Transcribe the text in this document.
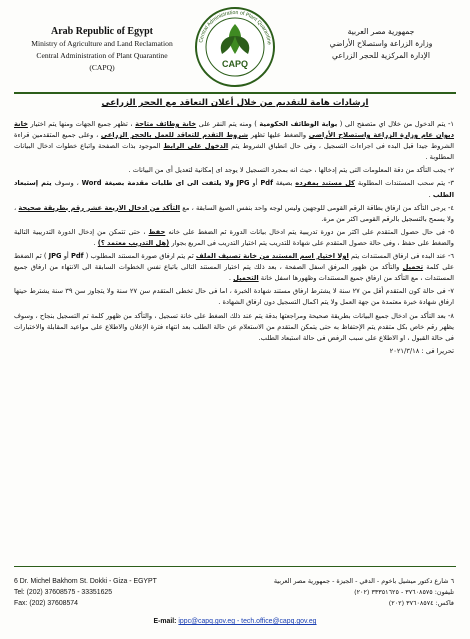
Arab Republic of Egypt
Ministry of Agriculture and Land Reclamation
Central Administration of Plant Quarantine
(CAPQ)
Central Administration of Plant Quarantine
CAPQ
جمهورية مصر العربية
وزارة الزراعة واستصلاح الأراضي
الإدارة المركزية للحجر الزراعي
ارشادات هامة للتقديم من خلال أعلان التعاقد مع الحجر الزراعى
١- يتم الدخول من خلال اي متصفح الى ( بوابة الوظائف الحكومية ) ومنه يتم النقر على خانة وظائف متاحة ، تظهر جميع الجهات ومنها يتم اختيار خانة ديوان عام وزارة الزراعة واستصلاح الأراضى والضغط عليها تظهر شروط التقدم للتعاقد للعمل بالحجر الزراعى ، وعلى جميع المتقدمين قراءة الشروط جيدا قبل البدء فى اجراءات التسجيل ، وفى حال انطباق الشروط يتم الدخول على الرابط الموجود بذات الصفحة واتباع خطوات ادخال البيانات المطلوبة .
٢- يجب التأكد من دقة المعلومات التى يتم إدخالها ، حيث انه بمجرد التسجيل لا يوجد اى إمكانية لتعديل أى من البيانات .
٣- يتم سحب المستندات المطلوبة كل مستند بمفرده بصيغة Pdf أو JPG ولا يلتفت الى اى طلبات مقدمة بصيغة Word ، وسوف يتم إستبعاد الطلب .
٤- يرجى التأكد من ارفاق بطاقة الرقم القومى للوجهين وليس لوجه واحد بنفس الصيغ السابقة ، مع التأكد من ادخال الاربعة عشر رقم بطريقة صحيحة ، ولا يسمح بالتسجيل بالرقم القومى اكثر من مرة.
٥- فى حال حصول المتقدم على اكثر من دورة تدريبية يتم ادخال بيانات الدورة ثم الضغط على خانه حفظ ، حتى تتمكن من إدخال الدورة التدريبية التالية والضغط على حفظ ، وفى حالة حصول المتقدم على شهادة للتدريب يتم اختيار التدريب فى المربع بجوار (هل التدريب معتمد ؟) .
٦- عند البدء فى ارفاق المستندات يتم اولا اختيار اسم المستند من خانة تصنيف الملف ثم يتم ارفاق صورة المستند المطلوب ( Pdf أو JPG ) ثم الضغط على كلمة تحميل والتأكد من ظهور المرفق اسفل الصفحة ، بعد ذلك يتم اختيار المستند التالى باتباع نفس الخطوات السابقة الى الانتهاء من ارفاق جميع المستندات ، مع التأكد من ارفاق جميع المستندات وظهورها اسفل خانة التحميل .
٧- فى حالة كون المتقدم أقل من ٢٧ سنة لا يشترط ارفاق مستند شهادة الخبرة ، اما فى حال تخطى المتقدم سن ٢٧ سنة ولا يتجاوز سن ٣٩ سنة يشترط حينها ارفاق شهادة خبرة معتمدة من جهة العمل ولا يتم اكمال التسجيل دون ارفاق الشهادة .
٨- بعد التأكد من ادخال جميع البيانات بطريقة صحيحة ومراجعتها بدقة يتم عند ذلك الضغط على خانة تسجيل ، والتأكد من ظهور كلمة تم التسجيل بنجاح ، وسوف يظهر رقم خاص بكل متقدم يتم الإحتفاظ به حتى يتمكن المتقدم من الاستعلام عن حالة الطلب بعد انتهاء فترة الإعلان والاطلاع على مواعيد المقابلة والاختبارات فى حالة القبول ، او الاطلاع على سبب الرفض فى حالة استبعاد الطلب.
تحريرا فى : ٢٠٢١/٣/١٨
6 Dr. Michel Bakhom St. Dokki - Giza - EGYPT
Tel: (202) 37608575 - 33351625
Fax: (202) 37608574
٦ شارع دكتور ميشيل باخوم - الدقي - الجيزة - جمهورية مصر العربية
تليفون: ٣٧٦٠٨٥٧٥ - ٣٣٣٥١٦٢٥ (٢٠٢)
فاكس: ٣٧٦٠٨٥٧٤ (٢٠٢)
E-mail: ippc@capq.gov.eg - tech.office@capq.gov.eg
